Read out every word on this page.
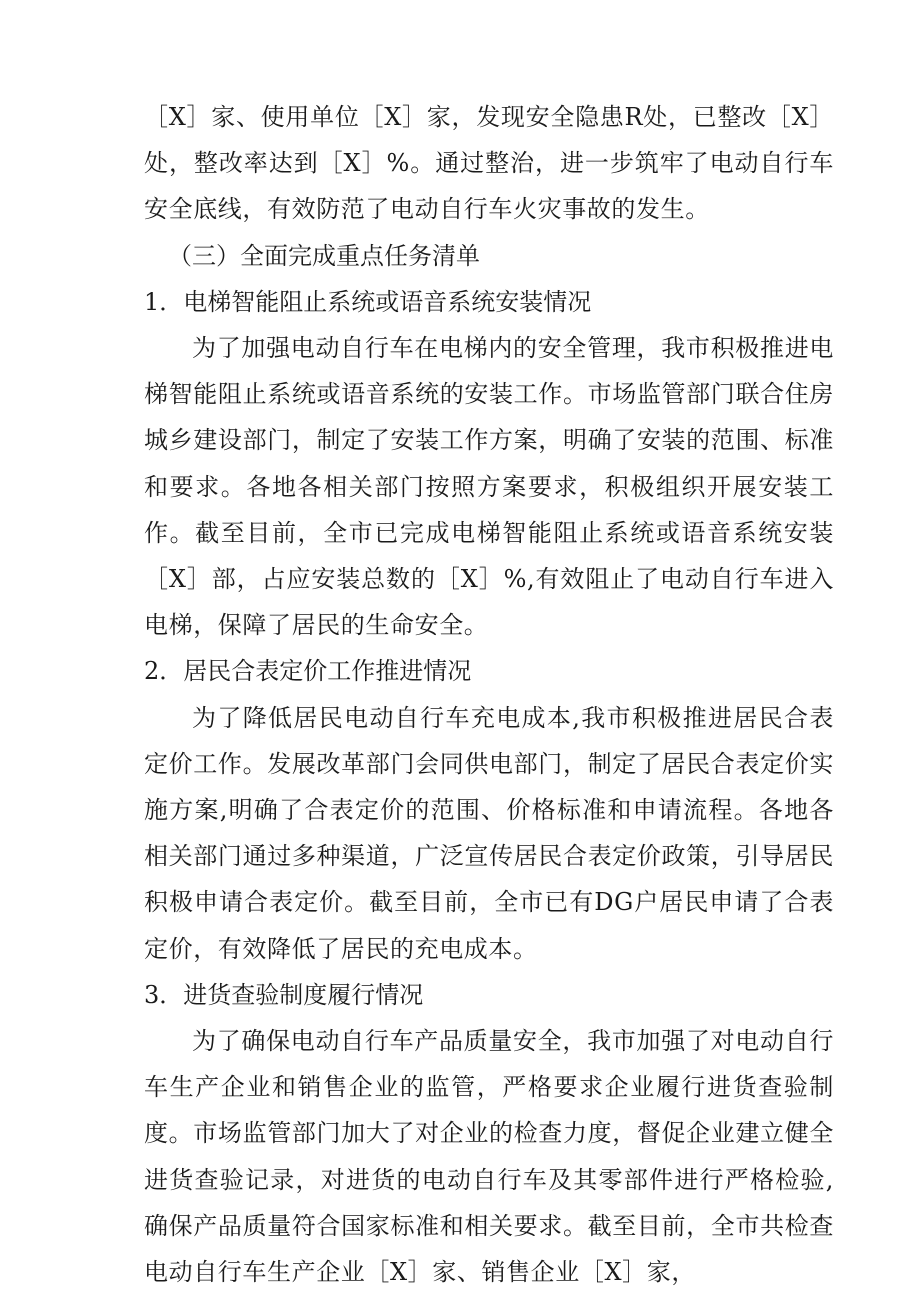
［X］家、使用单位［X］家，发现安全隐患R处，已整改［X］处，整改率达到［X］%。通过整治，进一步筑牢了电动自行车安全底线，有效防范了电动自行车火灾事故的发生。

（三）全面完成重点任务清单

1．电梯智能阻止系统或语音系统安装情况

为了加强电动自行车在电梯内的安全管理，我市积极推进电梯智能阻止系统或语音系统的安装工作。市场监管部门联合住房城乡建设部门，制定了安装工作方案，明确了安装的范围、标准和要求。各地各相关部门按照方案要求，积极组织开展安装工作。截至目前，全市已完成电梯智能阻止系统或语音系统安装［X］部，占应安装总数的［X］%,有效阻止了电动自行车进入电梯，保障了居民的生命安全。

2．居民合表定价工作推进情况

为了降低居民电动自行车充电成本,我市积极推进居民合表定价工作。发展改革部门会同供电部门，制定了居民合表定价实施方案,明确了合表定价的范围、价格标准和申请流程。各地各相关部门通过多种渠道，广泛宣传居民合表定价政策，引导居民积极申请合表定价。截至目前，全市已有DG户居民申请了合表定价，有效降低了居民的充电成本。

3．进货查验制度履行情况

为了确保电动自行车产品质量安全，我市加强了对电动自行车生产企业和销售企业的监管，严格要求企业履行进货查验制度。市场监管部门加大了对企业的检查力度，督促企业建立健全进货查验记录，对进货的电动自行车及其零部件进行严格检验,确保产品质量符合国家标准和相关要求。截至目前，全市共检查电动自行车生产企业［X］家、销售企业［X］家，
